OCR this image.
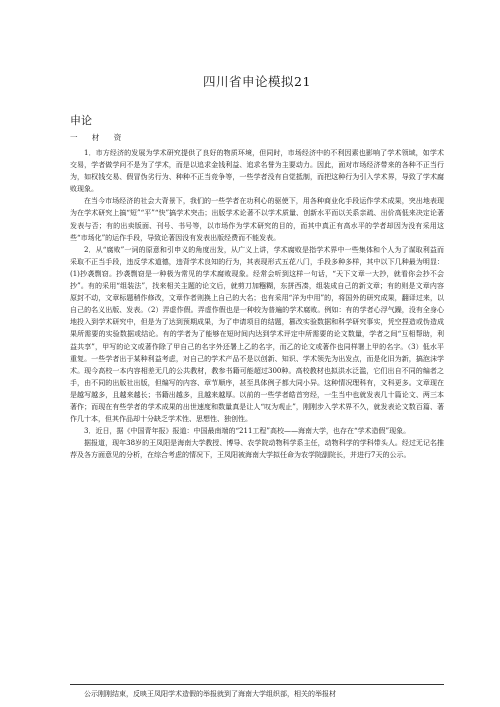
四川省申论模拟21
申论
一 材 资

1．市方经济的发展为学术研究提供了良好的物质环境，但同时，市场经济中的不利因素也影响了学术领域，如学术交易，学者做学问不是为了学术，而是以追求金钱利益、追求名誉为主要动力。因此，面对市场经济带来的各种不正当行为，如权钱交易、假冒伪劣行为、种种不正当竞争等，一些学者没有自觉抵制，而把这种行为引入学术界，导致了学术腐败现象。

在当今市场经济的社会大背景下，我们的一些学者在功利心的驱使下，用各种商业化手段运作学术成果，突出地表现为在学术研究上搞“短”“平”“快”搞学术突击；出版学术论著不以学术质量、创新水平而以关系亲疏、出价高低来决定论著发表与否；有的出卖版面、刊号、书号等，以市场作为学术研究的目的，而其中真正有高水平的学者却因为没有采用这些“市场化”的运作手段，导致论著因没有发表出版经费而不能发表。

2．从“腐败”一词的原意和引申义的角度出发，从广义上讲，学术腐败是指学术界中一些集体和个人为了谋取利益而采取不正当手段，违反学术道德，违背学术良知的行为，其表现形式五花八门，手段多种多样，其中以下几种最为明显：(1)抄袭剽窃。抄袭剽窃是一种极为常见的学术腐败现象。经常会听到这样一句话，“天下文章一大抄，就看你会抄不会抄”。有的采用“组装法”，找来相关主题的论文后，就剪刀加糨糊，东拼西凑，组装成自己的新文章；有的则是文章内容原封不动，文章标题稍作修改，文章作者则换上自己的大名；也有采用“洋为中用”的，将国外的研究成果，翻译过来，以自己的名义出版、发表。（2）弄虚作假。弄虚作假也是一种较为普遍的学术腐败。例如：有的学者心浮气躁，没有全身心地投入到学术研究中，但是为了达到预期成果，为了申请项目的结题，篡改实验数据和科学研究事实，凭空捏造或伪造成果所需要的实验数据或结论。有的学者为了能够在短时间内达到学术评定中所需要的论文数量，学者之间“互相帮助，利益共享”，甲写的论文或著作除了甲自己的名字外还署上乙的名字，而乙的论文或著作也同样署上甲的名字。（3）低水平重复。一些学者出于某种利益考虑，对自己的学术产品不是以创新、知识、学术领先为出发点，而是化旧为新，搞泡沫学术。现今高校一本内容相差无几的公共教材，教参书籍可能超过300种。高校教材也拟洪水泛滥，它们出自不同的编者之手，由不同的出版社出版，但编写的内容、章节顺序，甚至具体例子都大同小异。这种情况理科有，文科更多。文章现在是越写越多，且越来越长；书籍出越多，且越来越厚。以前的一些学者皓首穷经，一生当中也就发表几十篇论文、两三本著作；而现在有些学者的学术成果的出世速度和数量真是让人“叹为观止”，刚刚步入学术界不久，就发表论文数百篇、著作几十本，但其作品却十分缺乏学术性、思想性、独创性。

3．近日，据《中国青年报》报道：中国最南端的“211工程”高校——海南大学，也存在“学术造假”现象。

据报道，现年38岁的王凤阳是海南大学教授、博导、农学院动物科学系主任，动物科学的学科带头人。经过无记名推荐及各方面意见的分析，在综合考虑的情况下，王凤阳被海南大学拟任命为农学院副院长，并进行7天的公示。

公示刚刚结束，反映王凤阳学术造假的举报就到了海南大学组织部，相关的举报材
